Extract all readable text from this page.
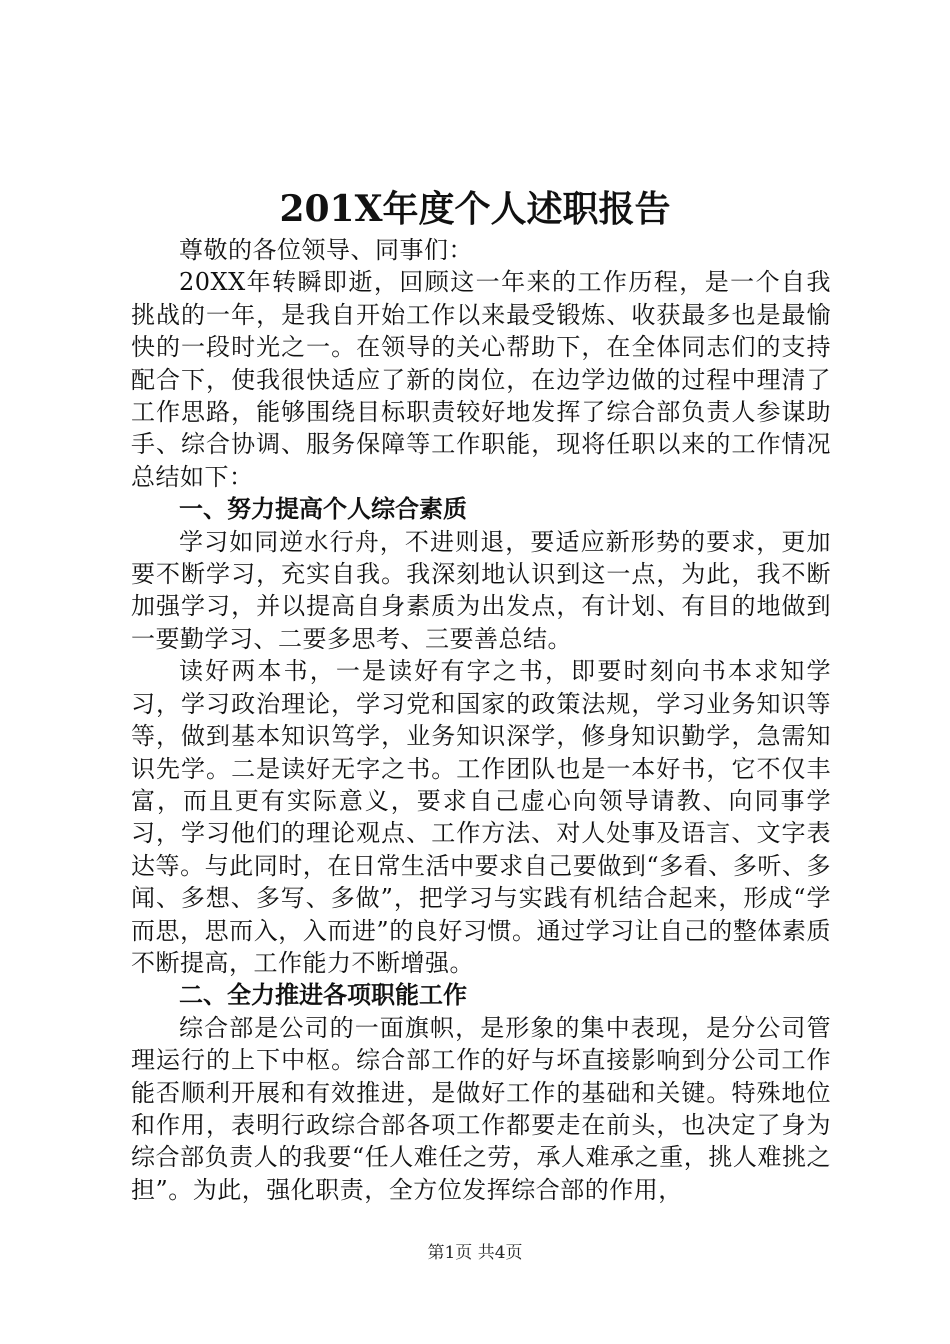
201X年度个人述职报告

尊敬的各位领导、同事们：

20XX年转瞬即逝，回顾这一年来的工作历程，是一个自我挑战的一年，是我自开始工作以来最受锻炼、收获最多也是最愉快的一段时光之一。在领导的关心帮助下，在全体同志们的支持配合下，使我很快适应了新的岗位，在边学边做的过程中理清了工作思路，能够围绕目标职责较好地发挥了综合部负责人参谋助手、综合协调、服务保障等工作职能，现将任职以来的工作情况总结如下：

一、努力提高个人综合素质

学习如同逆水行舟，不进则退，要适应新形势的要求，更加要不断学习，充实自我。我深刻地认识到这一点，为此，我不断加强学习，并以提高自身素质为出发点，有计划、有目的地做到一要勤学习、二要多思考、三要善总结。

读好两本书，一是读好有字之书，即要时刻向书本求知学习，学习政治理论，学习党和国家的政策法规，学习业务知识等等，做到基本知识笃学，业务知识深学，修身知识勤学，急需知识先学。二是读好无字之书。工作团队也是一本好书，它不仅丰富，而且更有实际意义，要求自己虚心向领导请教、向同事学习，学习他们的理论观点、工作方法、对人处事及语言、文字表达等。与此同时，在日常生活中要求自己要做到“多看、多听、多闻、多想、多写、多做”，把学习与实践有机结合起来，形成“学而思，思而入，入而进”的良好习惯。通过学习让自己的整体素质不断提高，工作能力不断增强。

二、全力推进各项职能工作

综合部是公司的一面旗帜，是形象的集中表现，是分公司管理运行的上下中枢。综合部工作的好与坏直接影响到分公司工作能否顺利开展和有效推进，是做好工作的基础和关键。特殊地位和作用，表明行政综合部各项工作都要走在前头，也决定了身为综合部负责人的我要“任人难任之劳，承人难承之重，挑人难挑之担”。为此，强化职责，全方位发挥综合部的作用，

第1页 共4页
